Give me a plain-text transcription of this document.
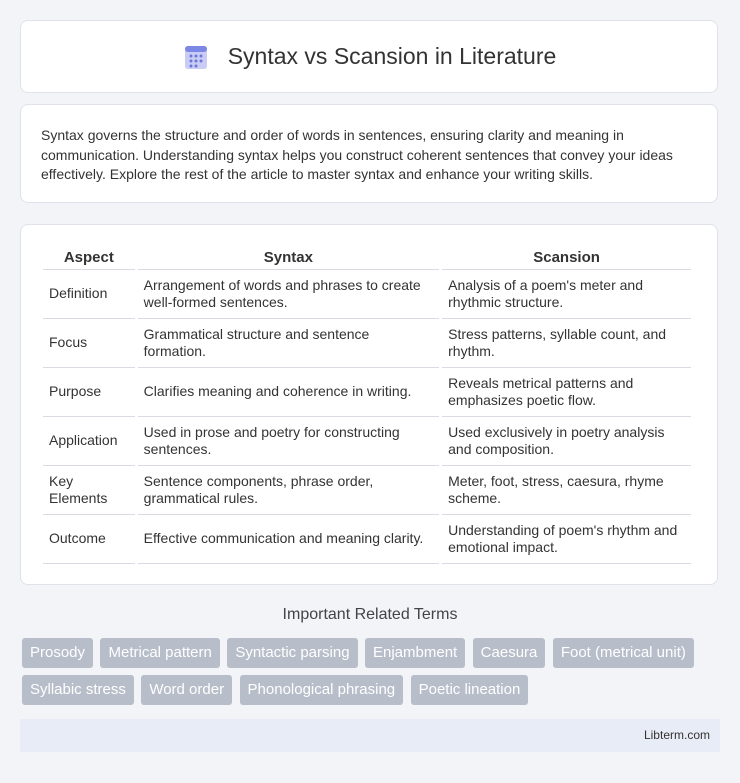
Syntax vs Scansion in Literature
Syntax governs the structure and order of words in sentences, ensuring clarity and meaning in communication. Understanding syntax helps you construct coherent sentences that convey your ideas effectively. Explore the rest of the article to master syntax and enhance your writing skills.
Aspect	Syntax	Scansion
Definition	Arrangement of words and phrases to create well-formed sentences.	Analysis of a poem's meter and rhythmic structure.
Focus	Grammatical structure and sentence formation.	Stress patterns, syllable count, and rhythm.
Purpose	Clarifies meaning and coherence in writing.	Reveals metrical patterns and emphasizes poetic flow.
Application	Used in prose and poetry for constructing sentences.	Used exclusively in poetry analysis and composition.
Key Elements	Sentence components, phrase order, grammatical rules.	Meter, foot, stress, caesura, rhyme scheme.
Outcome	Effective communication and meaning clarity.	Understanding of poem's rhythm and emotional impact.
Important Related Terms
Prosody Metrical pattern Syntactic parsing Enjambment Caesura Foot (metrical unit) Syllabic stress Word order Phonological phrasing Poetic lineation
Libterm.com
